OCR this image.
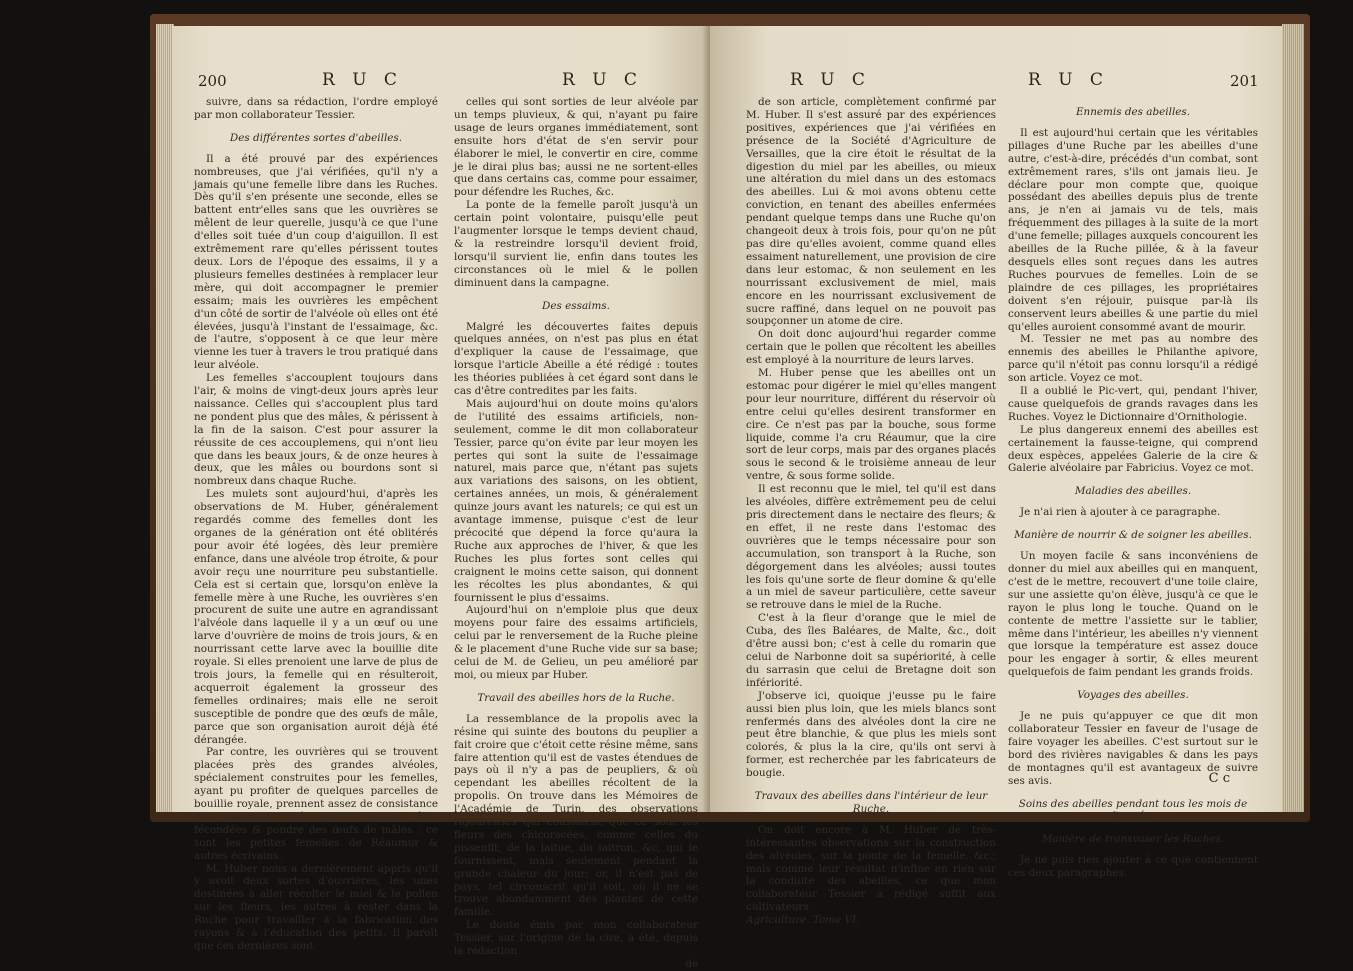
200	R U C	R U C

suivre, dans sa rédaction, l'ordre employé par mon collaborateur Tessier.

Des différentes sortes d'abeilles.

Il a été prouvé par des expériences nombreuses, que j'ai vérifiées, qu'il n'y a jamais qu'une femelle libre dans les Ruches. Dès qu'il s'en présente une seconde, elles se battent entr'elles sans que les ouvrières se mêlent de leur querelle, jusqu'à ce que l'une d'elles soit tuée d'un coup d'aiguillon. Il est extrêmement rare qu'elles périssent toutes deux. Lors de l'époque des essaims, il y a plusieurs femelles destinées à remplacer leur mère, qui doit accompagner le premier essaim; mais les ouvrières les empêchent d'un côté de sortir de l'alvéole où elles ont été élevées, jusqu'à l'instant de l'essaimage, &c. de l'autre, s'opposent à ce que leur mère vienne les tuer à travers le trou pratiqué dans leur alvéole.

Les femelles s'accouplent toujours dans l'air, & moins de vingt-deux jours après leur naissance. Celles qui s'accouplent plus tard ne pondent plus que des mâles, & périssent à la fin de la saison. C'est pour assurer la réussite de ces accouplemens, qui n'ont lieu que dans les beaux jours, & de onze heures à deux, que les mâles ou bourdons sont si nombreux dans chaque Ruche.

Les mulets sont aujourd'hui, d'après les observations de M. Huber, généralement regardés comme des femelles dont les organes de la génération ont été oblitérés pour avoir été logées, dès leur première enfance, dans une alvéole trop étroite, & pour avoir reçu une nourriture peu substantielle. Cela est si certain que, lorsqu'on enlève la femelle mère à une Ruche, les ouvrières s'en procurent de suite une autre en agrandissant l'alvéole dans laquelle il y a un œuf ou une larve d'ouvrière de moins de trois jours, & en nourrissant cette larve avec la bouillie dite royale. Si elles prenoient une larve de plus de trois jours, la femelle qui en résulteroit, acquerroit également la grosseur des femelles ordinaires; mais elle ne seroit susceptible de pondre que des œufs de mâle, parce que son organisation auroit déjà été dérangée.

Par contre, les ouvrières qui se trouvent placées près des grandes alvéoles, spécialement construites pour les femelles, ayant pu profiter de quelques parcelles de bouillie royale, prennent assez de consistance pour, quoique restées petites, pouvoir être fécondées & pondre des œufs de mâles : ce sont les petites femelles de Réaumur & autres écrivains.

M. Huber nous a dernièrement appris qu'il y avoit deux sortes d'ouvrières, les unes destinées à aller récolter le miel & le pollen sur les fleurs, les autres à rester dans la Ruche pour travailler à la fabrication des rayons & à l'éducation des petits. Il paroît que ces dernières sont

celles qui sont sorties de leur alvéole par un temps pluvieux, & qui, n'ayant pu faire usage de leurs organes immédiatement, sont ensuite hors d'état de s'en servir pour élaborer le miel, le convertir en cire, comme je le dirai plus bas; aussi ne ne sortent-elles que dans certains cas, comme pour essaimer, pour défendre les Ruches, &c.

La ponte de la femelle paroît jusqu'à un certain point volontaire, puisqu'elle peut l'augmenter lorsque le temps devient chaud, & la restreindre lorsqu'il devient froid, lorsqu'il survient lie, enfin dans toutes les circonstances où le miel & le pollen diminuent dans la campagne.

Des essaims.

Malgré les découvertes faites depuis quelques années, on n'est pas plus en état d'expliquer la cause de l'essaimage, que lorsque l'article Abeille a été rédigé : toutes les théories publiées à cet égard sont dans le cas d'être contredites par les faits.

Mais aujourd'hui on doute moins qu'alors de l'utilité des essaims artificiels, non-seulement, comme le dit mon collaborateur Tessier, parce qu'on évite par leur moyen les pertes qui sont la suite de l'essaimage naturel, mais parce que, n'étant pas sujets aux variations des saisons, on les obtient, certaines années, un mois, & généralement quinze jours avant les naturels; ce qui est un avantage immense, puisque c'est de leur précocité que dépend la force qu'aura la Ruche aux approches de l'hiver, & que les Ruches les plus fortes sont celles qui craignent le moins cette saison, qui donnent les récoltes les plus abondantes, & qui fournissent le plus d'essaims.

Aujourd'hui on n'emploie plus que deux moyens pour faire des essaims artificiels, celui par le renversement de la Ruche pleine & le placement d'une Ruche vide sur sa base; celui de M. de Gelieu, un peu amélioré par moi, ou mieux par Huber.

Travail des abeilles hors de la Ruche.

La ressemblance de la propolis avec la résine qui suinte des boutons du peuplier a fait croire que c'étoit cette résine même, sans faire attention qu'il est de vastes étendues de pays où il n'y a pas de peupliers, & où cependant les abeilles récoltent de la propolis. On trouve dans les Mémoires de l'Académie de Turin, des observations rigoureuses qui constatent que ce sont les fleurs des chicoracées, comme celles du pissenlit, de la laitue, du laitron, &c, qui le fournissent, mais seulement pendant la grande chaleur du jour; or, il n'est pas de pays, tel circonscrit qu'il soit, où il ne se trouve abondamment des plantes de cette famille.

Le doute émis par mon collaborateur Tessier, sur l'origine de la cire, a été, depuis la rédaction

de

R U C	R U C	201

de son article, complètement confirmé par M. Huber. Il s'est assuré par des expériences positives, expériences que j'ai vérifiées en présence de la Société d'Agriculture de Versailles, que la cire étoit le résultat de la digestion du miel par les abeilles, ou mieux une altération du miel dans un des estomacs des abeilles. Lui & moi avons obtenu cette conviction, en tenant des abeilles enfermées pendant quelque temps dans une Ruche qu'on changeoit deux à trois fois, pour qu'on ne pût pas dire qu'elles avoient, comme quand elles essaiment naturellement, une provision de cire dans leur estomac, & non seulement en les nourrissant exclusivement de miel, mais encore en les nourrissant exclusivement de sucre raffiné, dans lequel on ne pouvoit pas soupçonner un atome de cire.

On doit donc aujourd'hui regarder comme certain que le pollen que récoltent les abeilles est employé à la nourriture de leurs larves.

M. Huber pense que les abeilles ont un estomac pour digérer le miel qu'elles mangent pour leur nourriture, différent du réservoir où entre celui qu'elles desirent transformer en cire. Ce n'est pas par la bouche, sous forme liquide, comme l'a cru Réaumur, que la cire sort de leur corps, mais par des organes placés sous le second & le troisième anneau de leur ventre, & sous forme solide.

Il est reconnu que le miel, tel qu'il est dans les alvéoles, diffère extrêmement peu de celui pris directement dans le nectaire des fleurs; & en effet, il ne reste dans l'estomac des ouvrières que le temps nécessaire pour son accumulation, son transport à la Ruche, son dégorgement dans les alvéoles; aussi toutes les fois qu'une sorte de fleur domine & qu'elle a un miel de saveur particulière, cette saveur se retrouve dans le miel de la Ruche.

C'est à la fleur d'orange que le miel de Cuba, des îles Baléares, de Malte, &c., doit d'être aussi bon; c'est à celle du romarin que celui de Narbonne doit sa supériorité, à celle du sarrasin que celui de Bretagne doit son infériorité.

J'observe ici, quoique j'eusse pu le faire aussi bien plus loin, que les miels blancs sont renfermés dans des alvéoles dont la cire ne peut être blanchie, & que plus les miels sont colorés, & plus la la cire, qu'ils ont servi à former, est recherchée par les fabricateurs de bougie.

Travaux des abeilles dans l'intérieur de leur Ruche.

On doit encore à M. Huber de très-intéressantes observations sur la construction des alvéoles, sur la ponte de la femelle, &c.; mais comme leur résultat n'influe en rien sur la conduite des abeilles, ce que mon collaborateur Tessier a rédigé suffit aux cultivateurs.

Agriculture. Tome VI.

Ennemis des abeilles.

Il est aujourd'hui certain que les véritables pillages d'une Ruche par les abeilles d'une autre, c'est-à-dire, précédés d'un combat, sont extrêmement rares, s'ils ont jamais lieu. Je déclare pour mon compte que, quoique possédant des abeilles depuis plus de trente ans, je n'en ai jamais vu de tels, mais fréquemment des pillages à la suite de la mort d'une femelle; pillages auxquels concourent les abeilles de la Ruche pillée, & à la faveur desquels elles sont reçues dans les autres Ruches pourvues de femelles. Loin de se plaindre de ces pillages, les propriétaires doivent s'en réjouir, puisque par-là ils conservent leurs abeilles & une partie du miel qu'elles auroient consommé avant de mourir.

M. Tessier ne met pas au nombre des ennemis des abeilles le Philanthe apivore, parce qu'il n'étoit pas connu lorsqu'il a rédigé son article. Voyez ce mot.

Il a oublié le Pic-vert, qui, pendant l'hiver, cause quelquefois de grands ravages dans les Ruches. Voyez le Dictionnaire d'Ornithologie.

Le plus dangereux ennemi des abeilles est certainement la fausse-teigne, qui comprend deux espèces, appelées Galerie de la cire & Galerie alvéolaire par Fabricius. Voyez ce mot.

Maladies des abeilles.

Je n'ai rien à ajouter à ce paragraphe.

Manière de nourrir & de soigner les abeilles.

Un moyen facile & sans inconvéniens de donner du miel aux abeilles qui en manquent, c'est de le mettre, recouvert d'une toile claire, sur une assiette qu'on élève, jusqu'à ce que le rayon le plus long le touche. Quand on le contente de mettre l'assiette sur le tablier, même dans l'intérieur, les abeilles n'y viennent que lorsque la température est assez douce pour les engager à sortir, & elles meurent quelquefois de faim pendant les grands froids.

Voyages des abeilles.

Je ne puis qu'appuyer ce que dit mon collaborateur Tessier en faveur de l'usage de faire voyager les abeilles. C'est surtout sur le bord des rivières navigables & dans les pays de montagnes qu'il est avantageux de suivre ses avis.

Soins des abeilles pendant tous les mois de l'année.

Manière de transvaser les Ruches.

Je ne puis rien ajouter à ce que contiennent ces deux paragraphes.

C c
